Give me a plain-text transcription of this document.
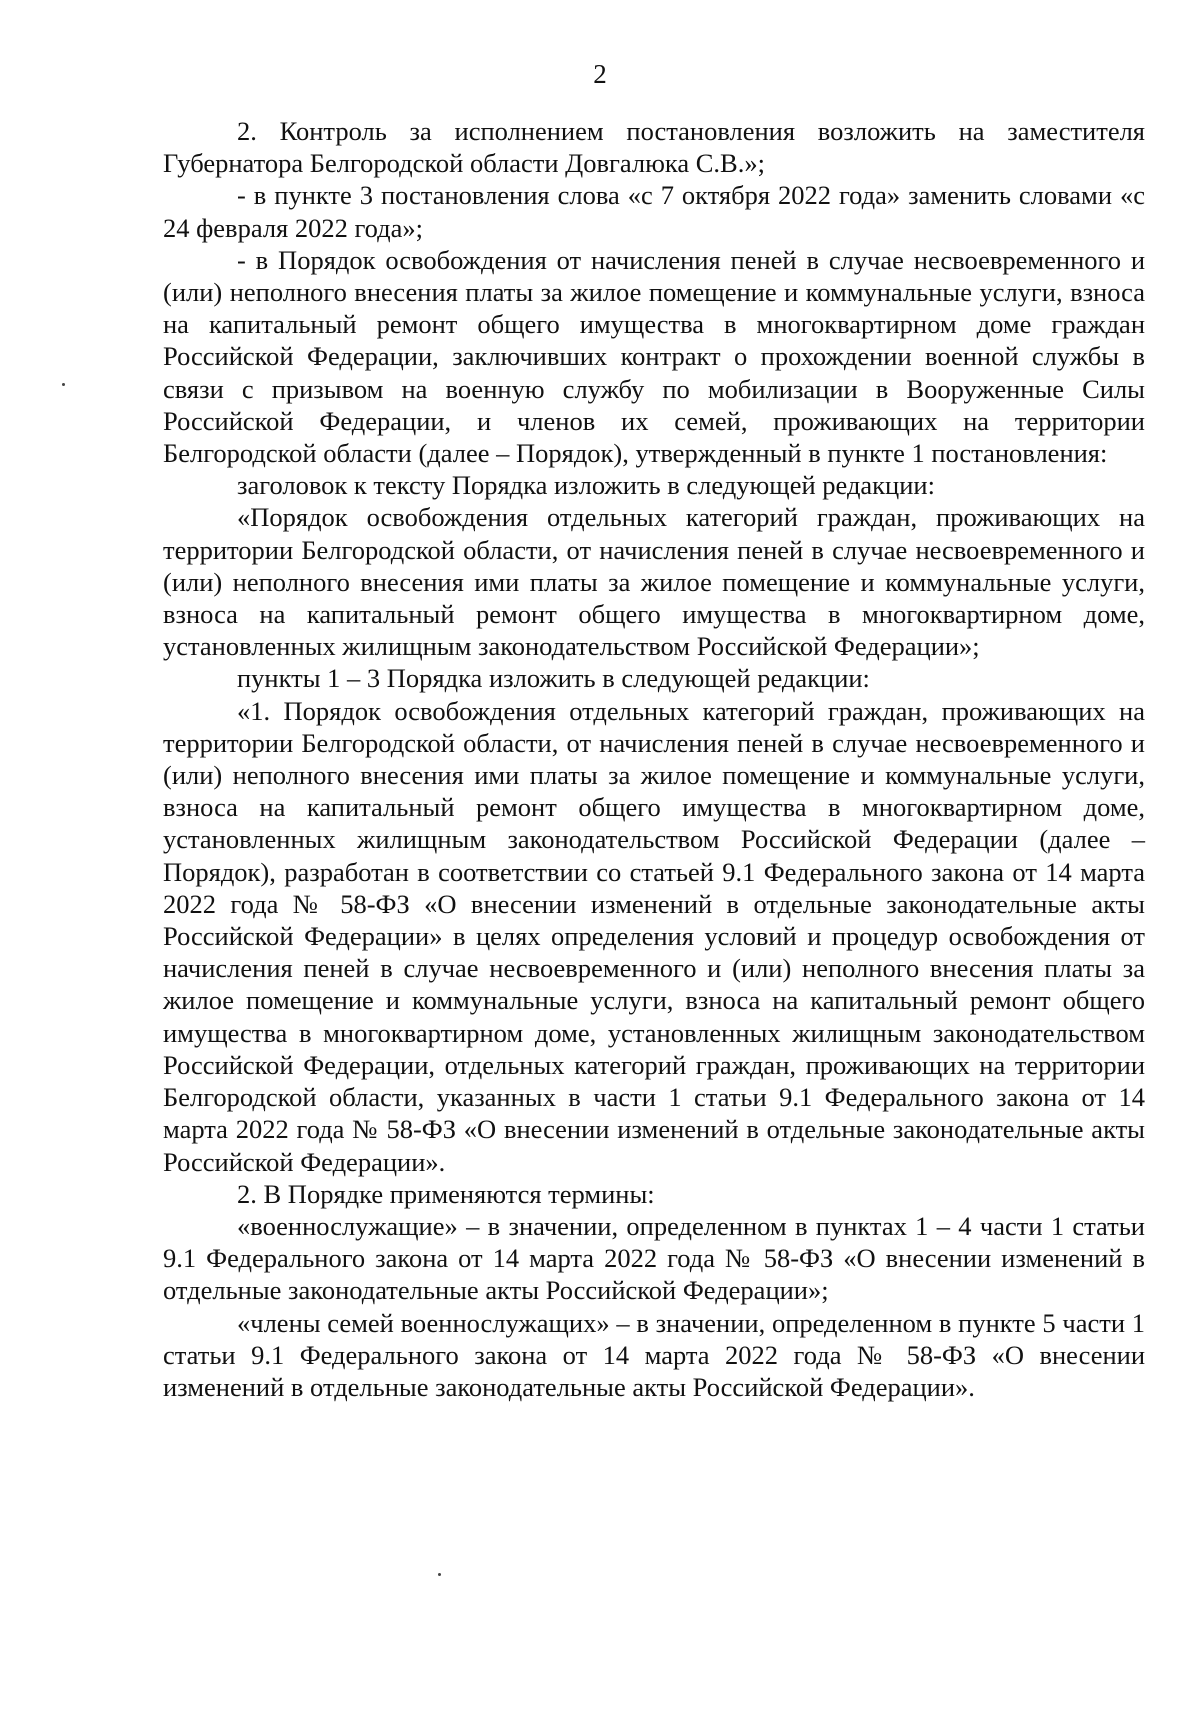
2

2. Контроль за исполнением постановления возложить на заместителя Губернатора Белгородской области Довгалюка С.В.»;

- в пункте 3 постановления слова «с 7 октября 2022 года» заменить словами «с 24 февраля 2022 года»;

- в Порядок освобождения от начисления пеней в случае несвоевременного и (или) неполного внесения платы за жилое помещение и коммунальные услуги, взноса на капитальный ремонт общего имущества в многоквартирном доме граждан Российской Федерации, заключивших контракт о прохождении военной службы в связи с призывом на военную службу по мобилизации в Вооруженные Силы Российской Федерации, и членов их семей, проживающих на территории Белгородской области (далее – Порядок), утвержденный в пункте 1 постановления:

заголовок к тексту Порядка изложить в следующей редакции:

«Порядок освобождения отдельных категорий граждан, проживающих на территории Белгородской области, от начисления пеней в случае несвоевременного и (или) неполного внесения ими платы за жилое помещение и коммунальные услуги, взноса на капитальный ремонт общего имущества в многоквартирном доме, установленных жилищным законодательством Российской Федерации»;

пункты 1 – 3 Порядка изложить в следующей редакции:

«1. Порядок освобождения отдельных категорий граждан, проживающих на территории Белгородской области, от начисления пеней в случае несвоевременного и (или) неполного внесения ими платы за жилое помещение и коммунальные услуги, взноса на капитальный ремонт общего имущества в многоквартирном доме, установленных жилищным законодательством Российской Федерации (далее – Порядок), разработан в соответствии со статьей 9.1 Федерального закона от 14 марта 2022 года № 58-ФЗ «О внесении изменений в отдельные законодательные акты Российской Федерации» в целях определения условий и процедур освобождения от начисления пеней в случае несвоевременного и (или) неполного внесения платы за жилое помещение и коммунальные услуги, взноса на капитальный ремонт общего имущества в многоквартирном доме, установленных жилищным законодательством Российской Федерации, отдельных категорий граждан, проживающих на территории Белгородской области, указанных в части 1 статьи 9.1 Федерального закона от 14 марта 2022 года № 58-ФЗ «О внесении изменений в отдельные законодательные акты Российской Федерации».

2. В Порядке применяются термины:

«военнослужащие» – в значении, определенном в пунктах 1 – 4 части 1 статьи 9.1 Федерального закона от 14 марта 2022 года № 58-ФЗ «О внесении изменений в отдельные законодательные акты Российской Федерации»;

«члены семей военнослужащих» – в значении, определенном в пункте 5 части 1 статьи 9.1 Федерального закона от 14 марта 2022 года № 58-ФЗ «О внесении изменений в отдельные законодательные акты Российской Федерации».
